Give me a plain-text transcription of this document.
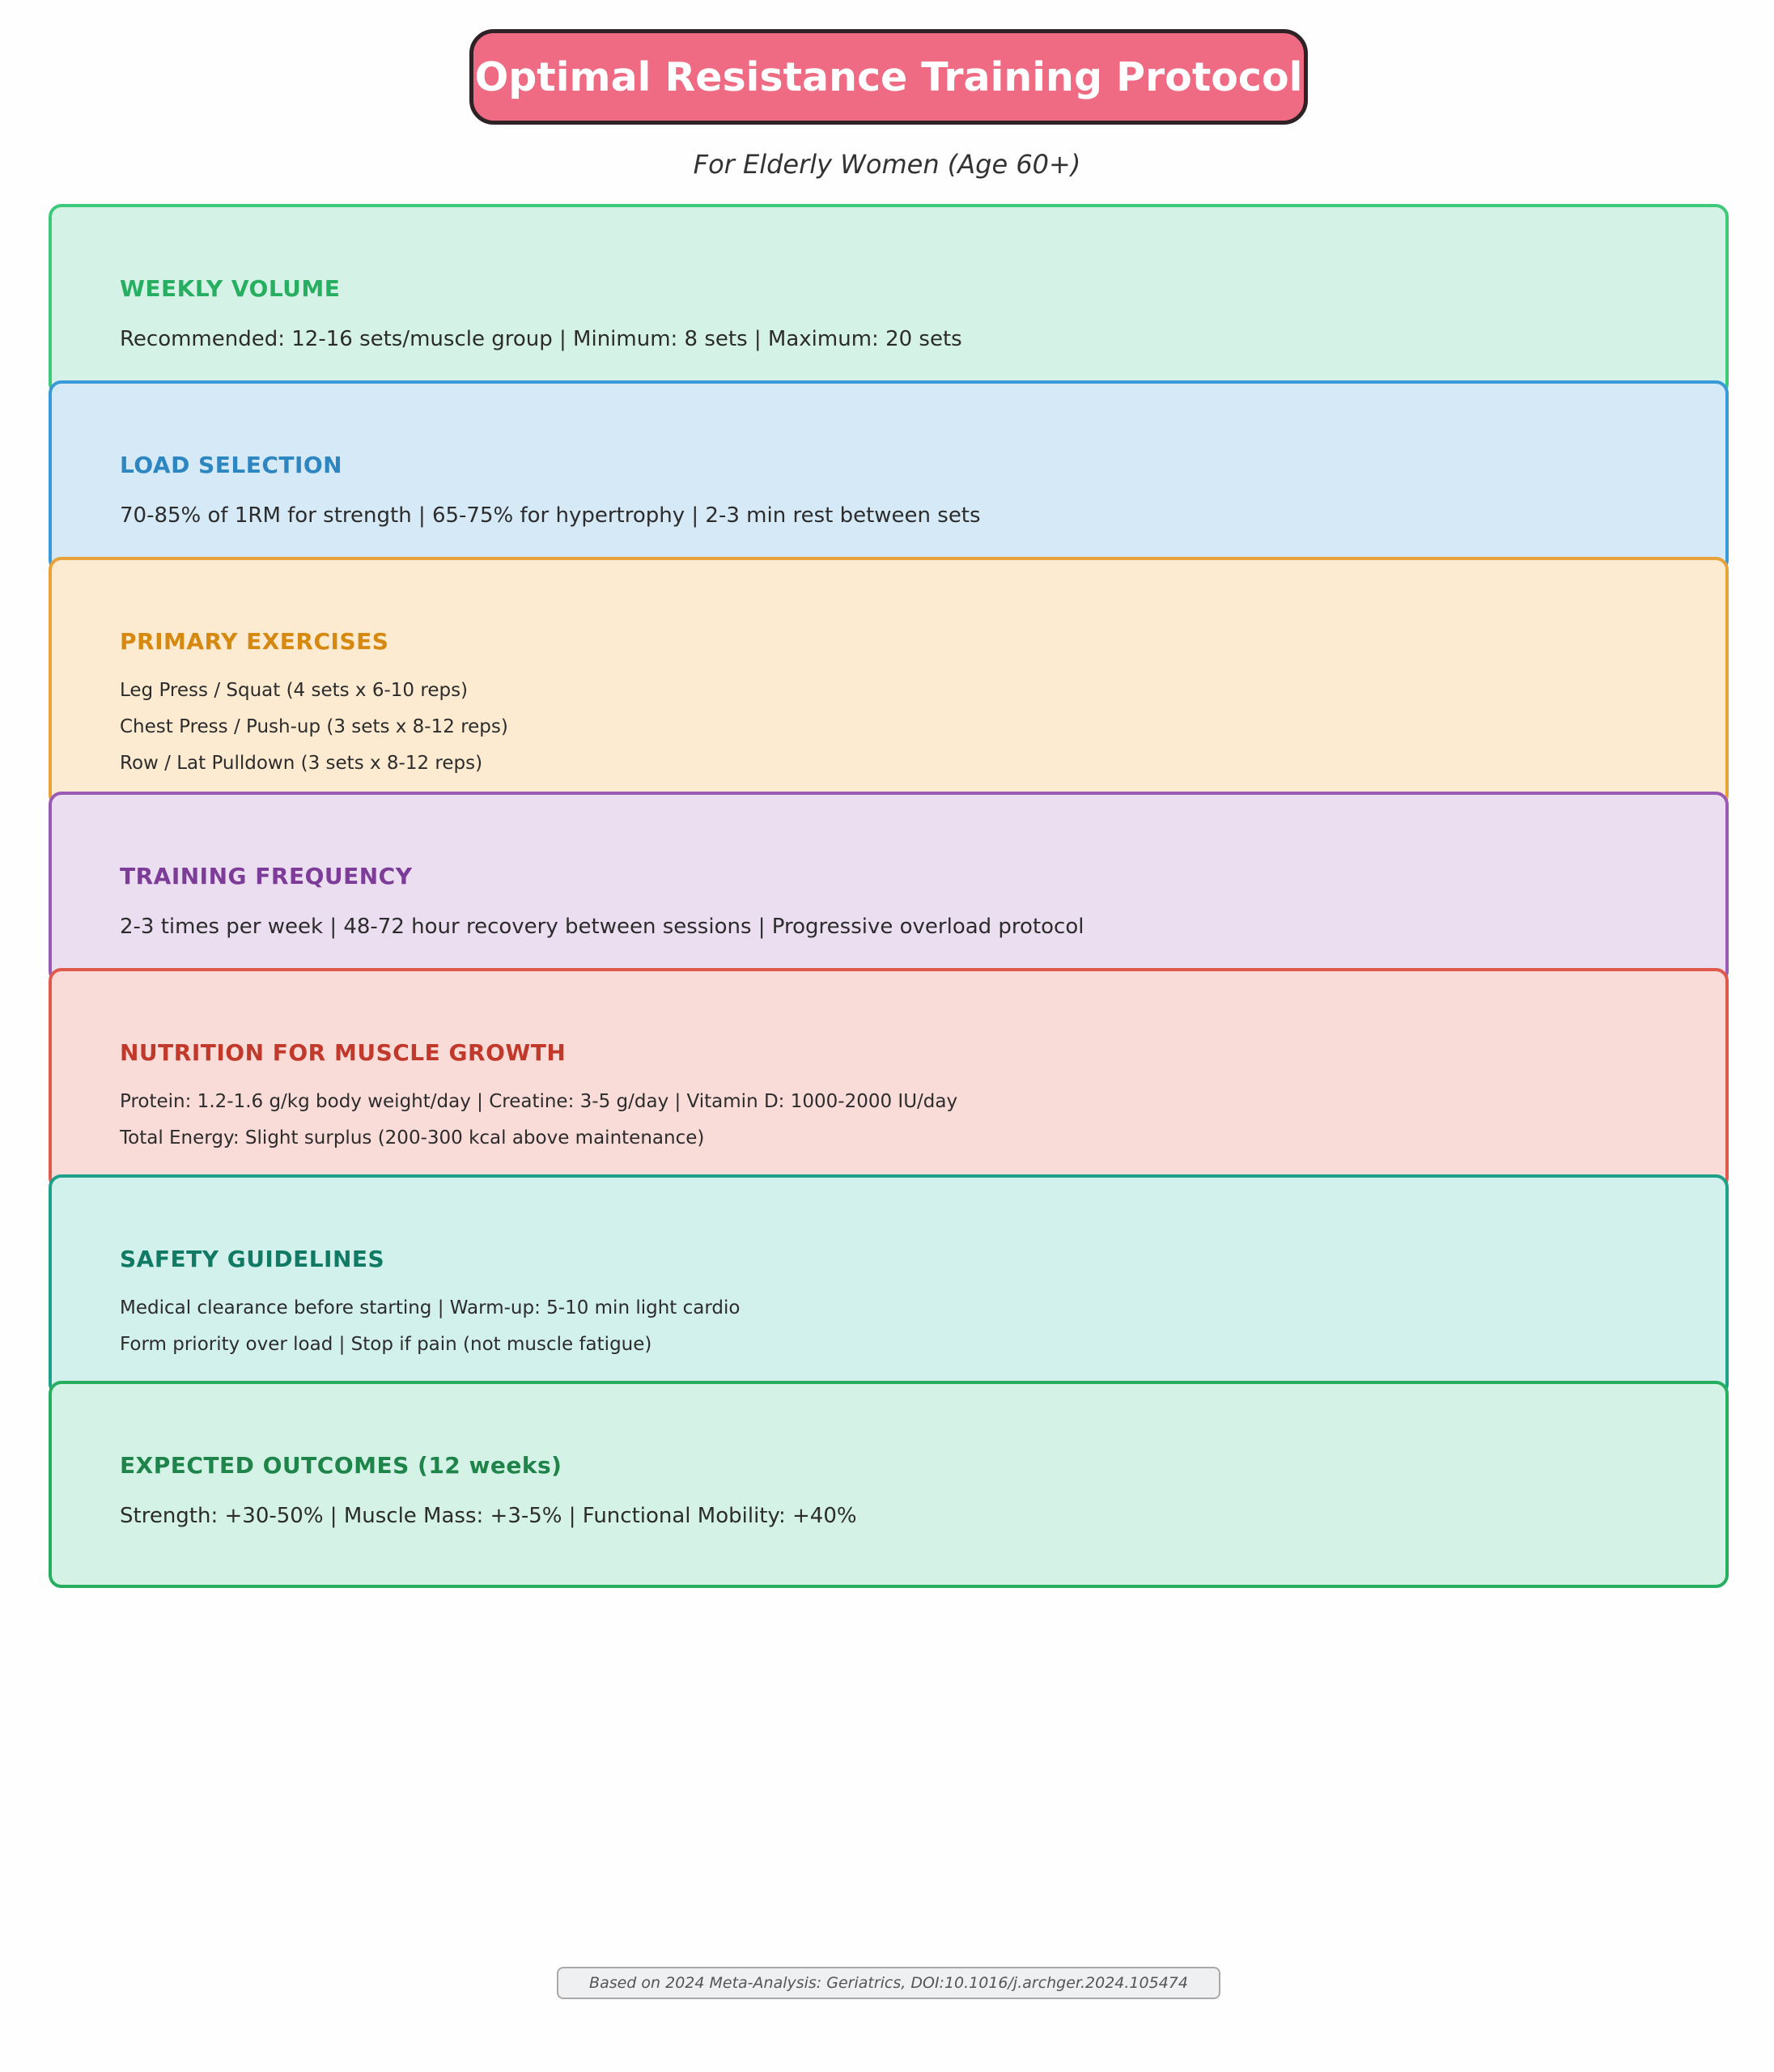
Optimal Resistance Training Protocol
For Elderly Women (Age 60+)
WEEKLY VOLUME
Recommended: 12-16 sets/muscle group | Minimum: 8 sets | Maximum: 20 sets
LOAD SELECTION
70-85% of 1RM for strength | 65-75% for hypertrophy | 2-3 min rest between sets
PRIMARY EXERCISES
Leg Press / Squat (4 sets x 6-10 reps)
Chest Press / Push-up (3 sets x 8-12 reps)
Row / Lat Pulldown (3 sets x 8-12 reps)
TRAINING FREQUENCY
2-3 times per week | 48-72 hour recovery between sessions | Progressive overload protocol
NUTRITION FOR MUSCLE GROWTH
Protein: 1.2-1.6 g/kg body weight/day | Creatine: 3-5 g/day | Vitamin D: 1000-2000 IU/day
Total Energy: Slight surplus (200-300 kcal above maintenance)
SAFETY GUIDELINES
Medical clearance before starting | Warm-up: 5-10 min light cardio
Form priority over load | Stop if pain (not muscle fatigue)
EXPECTED OUTCOMES (12 weeks)
Strength: +30-50% | Muscle Mass: +3-5% | Functional Mobility: +40%
Based on 2024 Meta-Analysis: Geriatrics, DOI:10.1016/j.archger.2024.105474
